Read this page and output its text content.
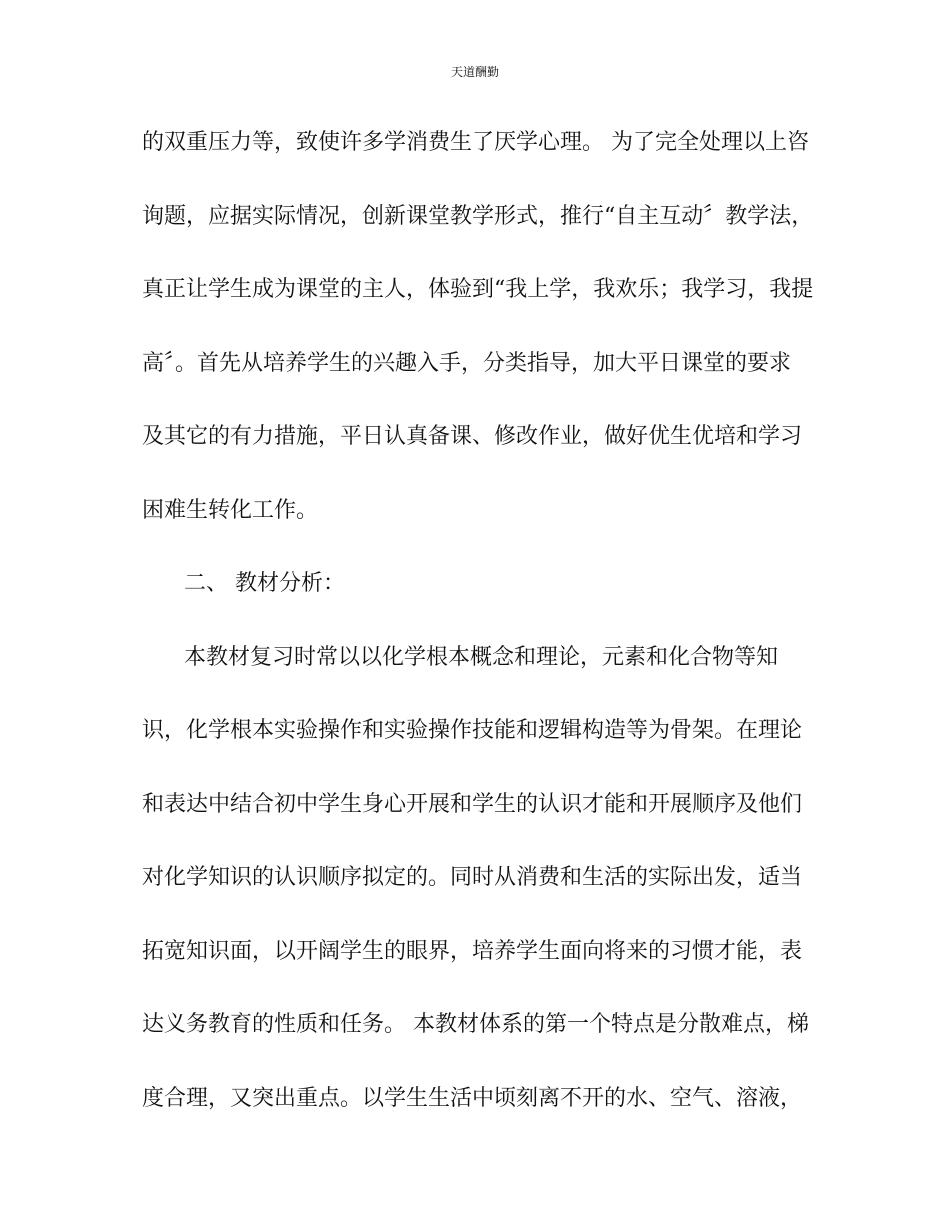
天道酬勤
的双重压力等，致使许多学消费生了厌学心理。 为了完全处理以上咨
询题，应据实际情况，创新课堂教学形式，推行“自主互动〞教学法，
真正让学生成为课堂的主人，体验到“我上学，我欢乐；我学习，我提
高〞。首先从培养学生的兴趣入手，分类指导，加大平日课堂的要求
及其它的有力措施，平日认真备课、修改作业，做好优生优培和学习
困难生转化工作。
二、 教材分析：
本教材复习时常以以化学根本概念和理论，元素和化合物等知
识，化学根本实验操作和实验操作技能和逻辑构造等为骨架。在理论
和表达中结合初中学生身心开展和学生的认识才能和开展顺序及他们
对化学知识的认识顺序拟定的。同时从消费和生活的实际出发，适当
拓宽知识面，以开阔学生的眼界，培养学生面向将来的习惯才能，表
达义务教育的性质和任务。 本教材体系的第一个特点是分散难点，梯
度合理，又突出重点。以学生生活中顷刻离不开的水、空气、溶液，
